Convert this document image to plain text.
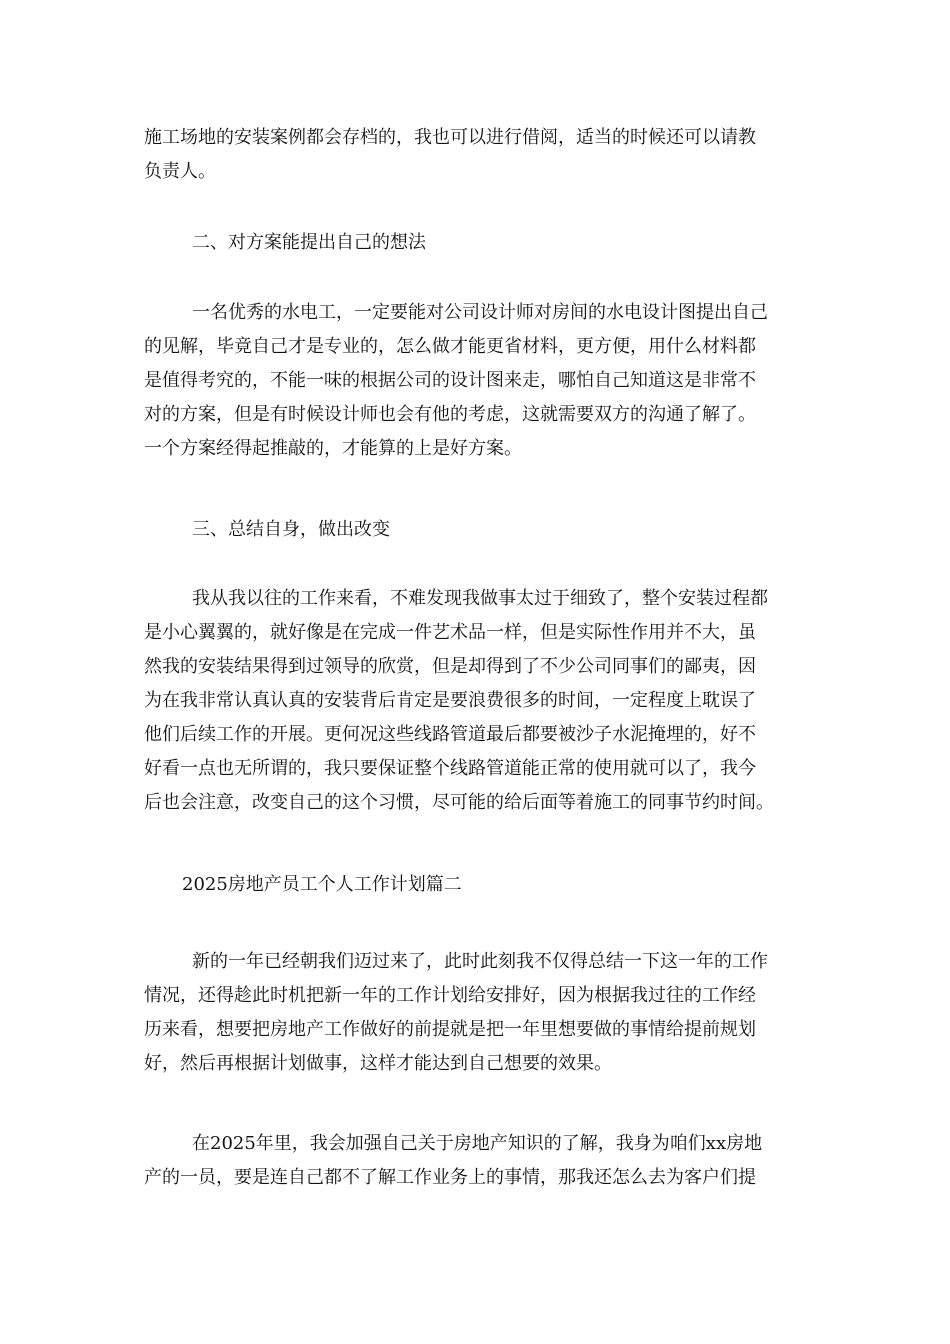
施工场地的安装案例都会存档的，我也可以进行借阅，适当的时候还可以请教
负责人。
二、对方案能提出自己的想法
一名优秀的水电工，一定要能对公司设计师对房间的水电设计图提出自己
的见解，毕竟自己才是专业的，怎么做才能更省材料，更方便，用什么材料都
是值得考究的，不能一味的根据公司的设计图来走，哪怕自己知道这是非常不
对的方案，但是有时候设计师也会有他的考虑，这就需要双方的沟通了解了。
一个方案经得起推敲的，才能算的上是好方案。
三、总结自身，做出改变
我从我以往的工作来看，不难发现我做事太过于细致了，整个安装过程都
是小心翼翼的，就好像是在完成一件艺术品一样，但是实际性作用并不大，虽
然我的安装结果得到过领导的欣赏，但是却得到了不少公司同事们的鄙夷，因
为在我非常认真认真的安装背后肯定是要浪费很多的时间，一定程度上耽误了
他们后续工作的开展。更何况这些线路管道最后都要被沙子水泥掩埋的，好不
好看一点也无所谓的，我只要保证整个线路管道能正常的使用就可以了，我今
后也会注意，改变自己的这个习惯，尽可能的给后面等着施工的同事节约时间。
2025房地产员工个人工作计划篇二
新的一年已经朝我们迈过来了，此时此刻我不仅得总结一下这一年的工作
情况，还得趁此时机把新一年的工作计划给安排好，因为根据我过往的工作经
历来看，想要把房地产工作做好的前提就是把一年里想要做的事情给提前规划
好，然后再根据计划做事，这样才能达到自己想要的效果。
在2025年里，我会加强自己关于房地产知识的了解，我身为咱们xx房地
产的一员，要是连自己都不了解工作业务上的事情，那我还怎么去为客户们提
